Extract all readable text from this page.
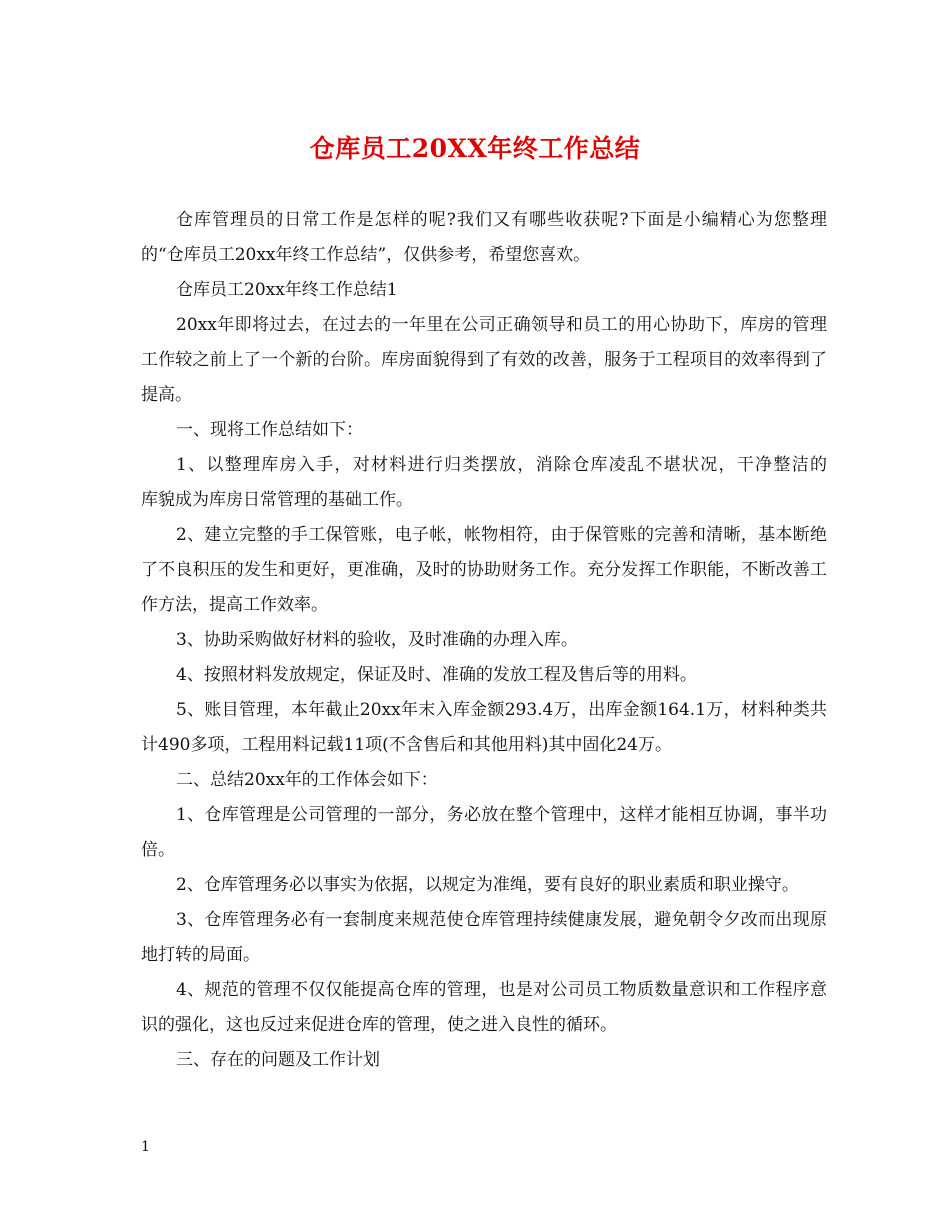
仓库员工20XX年终工作总结

仓库管理员的日常工作是怎样的呢?我们又有哪些收获呢?下面是小编精心为您整理的“仓库员工20xx年终工作总结”，仅供参考，希望您喜欢。

仓库员工20xx年终工作总结1

20xx年即将过去，在过去的一年里在公司正确领导和员工的用心协助下，库房的管理工作较之前上了一个新的台阶。库房面貌得到了有效的改善，服务于工程项目的效率得到了提高。

一、现将工作总结如下：

1、以整理库房入手，对材料进行归类摆放，消除仓库凌乱不堪状况，干净整洁的　　库貌成为库房日常管理的基础工作。

2、建立完整的手工保管账，电子帐，帐物相符，由于保管账的完善和清晰，基本断绝了不良积压的发生和更好，更准确，及时的协助财务工作。充分发挥工作职能，不断改善工作方法，提高工作效率。

3、协助采购做好材料的验收，及时准确的办理入库。

4、按照材料发放规定，保证及时、准确的发放工程及售后等的用料。

5、账目管理，本年截止20xx年末入库金额293.4万，出库金额164.1万，材料种类共计490多项，工程用料记载11项(不含售后和其他用料)其中固化24万。

二、总结20xx年的工作体会如下：

1、仓库管理是公司管理的一部分，务必放在整个管理中，这样才能相互协调，事半功倍。

2、仓库管理务必以事实为依据，以规定为准绳，要有良好的职业素质和职业操守。

3、仓库管理务必有一套制度来规范使仓库管理持续健康发展，避免朝令夕改而出现原地打转的局面。

4、规范的管理不仅仅能提高仓库的管理，也是对公司员工物质数量意识和工作程序意识的强化，这也反过来促进仓库的管理，使之进入良性的循环。

三、存在的问题及工作计划

1
